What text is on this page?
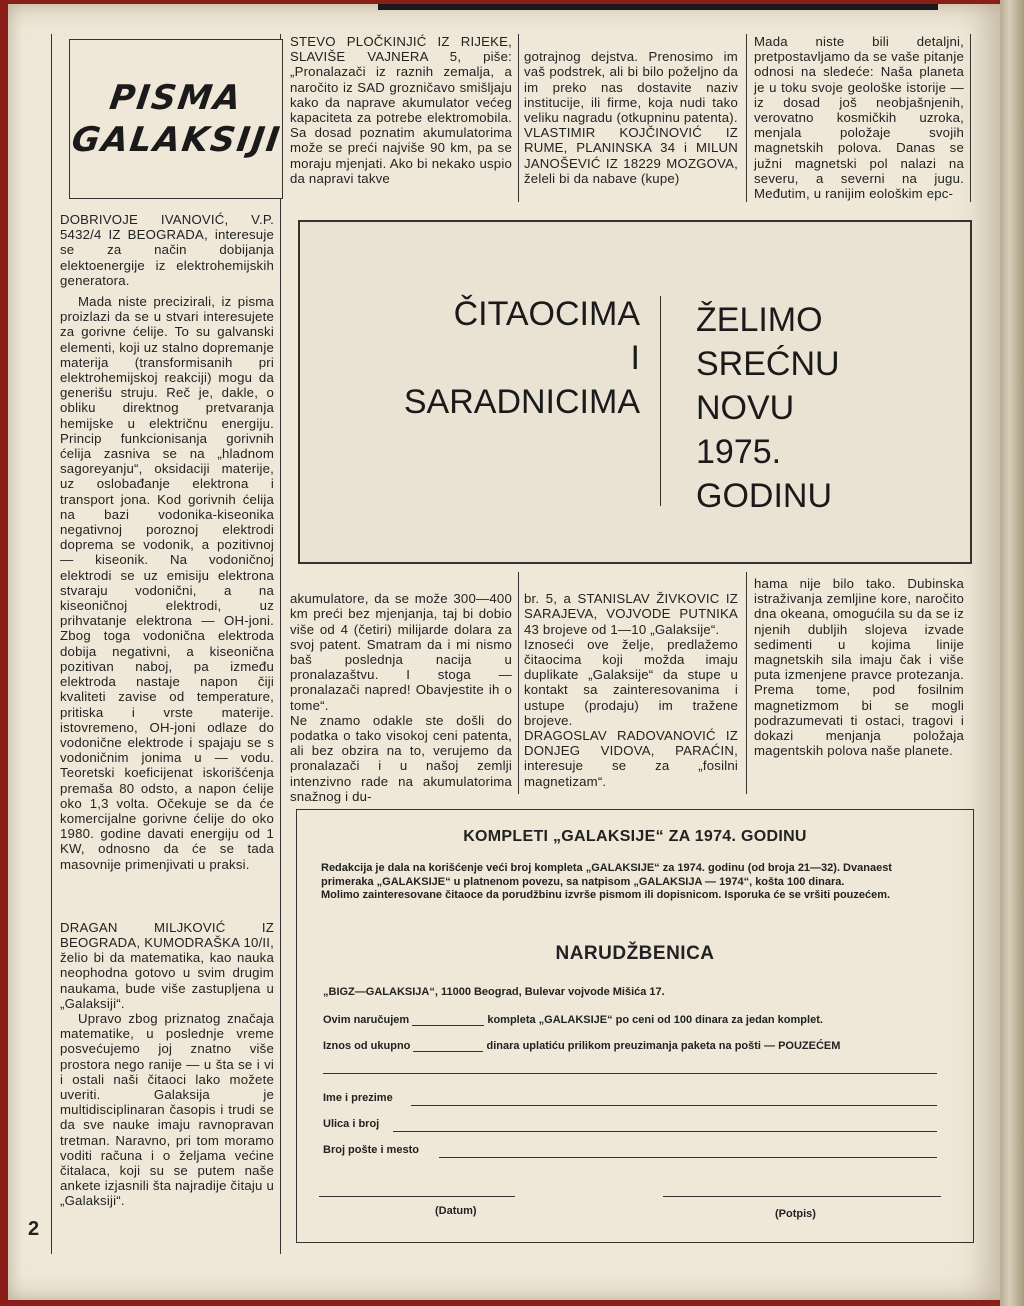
PISMA
GALAKSIJI

STEVO PLOČKINJIĆ IZ RIJEKE, SLAVIŠE VAJNERA 5, piše: „Pronalazači iz raznih zemalja, a naročito iz SAD grozničavo smišljaju kako da naprave akumulator većeg kapaciteta za potrebe elektromobila. Sa dosad poznatim akumulatorima može se preći najviše 90 km, pa se moraju mjenjati. Ako bi nekako uspio da napravi takve

gotrajnog dejstva. Prenosimo im vaš podstrek, ali bi bilo poželjno da im preko nas dostavite naziv institucije, ili firme, koja nudi tako veliku nagradu (otkupninu patenta).
VLASTIMIR KOJČINOVIĆ IZ RUME, PLANINSKA 34 i MILUN JANOŠEVIĆ IZ 18229 MOZGOVA, želeli bi da nabave (kupe)

Mada niste bili detaljni, pretpostavljamo da se vaše pitanje odnosi na sledeće: Naša planeta je u toku svoje geološke istorije — iz dosad još neobjašnjenih, verovatno kosmičkih uzroka, menjala položaje svojih magnetskih polova. Danas se južni magnetski pol nalazi na severu, a severni na jugu. Međutim, u ranijim eološkim epc-

DOBRIVOJE IVANOVIĆ, V.P. 5432/4 IZ BEOGRADA, interesuje se za način dobijanja elektoenergije iz elektrohemijskih generatora.

Mada niste precizirali, iz pisma proizlazi da se u stvari interesujete za gorivne ćelije. To su galvanski elementi, koji uz stalno dopremanje materija (transformisanih pri elektrohemijskoj reakciji) mogu da generišu struju. Reč je, dakle, o obliku direktnog pretvaranja hemijske u električnu energiju. Princip funkcionisanja gorivnih ćelija zasniva se na „hladnom sagoreyanju“, oksidaciji materije, uz oslobađanje elektrona i transport jona. Kod gorivnih ćelija na bazi vodonika-kiseonika negativnoj poroznoj elektrodi doprema se vodonik, a pozitivnoj — kiseonik. Na vodoničnoj elektrodi se uz emisiju elektrona stvaraju vodonični, a na kiseoničnoj elektrodi, uz prihvatanje elektrona — OH-joni. Zbog toga vodonična elektroda dobija negativni, a kiseonična pozitivan naboj, pa između elektroda nastaje napon čiji kvaliteti zavise od temperature, pritiska i vrste materije. istovremeno, OH-joni odlaze do vodonične elektrode i spajaju se s vodoničnim jonima u — vodu. Teoretski koeficijenat iskorišćenja premaša 80 odsto, a napon ćelije oko 1,3 volta. Očekuje se da će komercijalne gorivne ćelije do oko 1980. godine davati energiju od 1 KW, odnosno da će se tada masovnije primenjivati u praksi.

DRAGAN MILJKOVIĆ IZ BEOGRADA, KUMODRAŠKA 10/II, želio bi da matematika, kao nauka neophodna gotovo u svim drugim naukama, bude više zastupljena u „Galaksiji“.

Upravo zbog priznatog značaja matematike, u poslednje vreme posvećujemo joj znatno više prostora nego ranije — u šta se i vi i ostali naši čitaoci lako možete uveriti. Galaksija je multidisciplinaran časopis i trudi se da sve nauke imaju ravnopravan tretman. Naravno, pri tom moramo voditi računa i o željama većine čitalaca, koji su se putem naše ankete izjasnili šta najradije čitaju u „Galaksiji“.

ČITAOCIMA
I
SARADNICIMA
ŽELIMO
SREĆNU
NOVU
1975.
GODINU

akumulatore, da se može 300—400 km preći bez mjenjanja, taj bi dobio više od 4 (četiri) milijarde dolara za svoj patent. Smatram da i mi nismo baš poslednja nacija u pronalazaštvu. I stoga — pronalazači napred! Obavjestite ih o tome“.
Ne znamo odakle ste došli do podatka o tako visokoj ceni patenta, ali bez obzira na to, verujemo da pronalazači i u našoj zemlji intenzivno rade na akumulatorima snažnog i du-

br. 5, a STANISLAV ŽIVKOVIC IZ SARAJEVA, VOJVODE PUTNIKA 43 brojeve od 1—10 „Galaksije“.
Iznoseći ove želje, predlažemo čitaocima koji možda imaju duplikate „Galaksije“ da stupe u kontakt sa zainteresovanima i ustupe (prodaju) im tražene brojeve.
DRAGOSLAV RADOVANOVIĆ IZ DONJEG VIDOVA, PARAĆIN, interesuje se za „fosilni magnetizam“.

hama nije bilo tako. Dubinska istraživanja zemljine kore, naročito dna okeana, omogućila su da se iz njenih dubljih slojeva izvade sedimenti u kojima linije magnetskih sila imaju čak i više puta izmenjene pravce protezanja. Prema tome, pod fosilnim magnetizmom bi se mogli podrazumevati ti ostaci, tragovi i dokazi menjanja položaja magentskih polova naše planete.

KOMPLETI „GALAKSIJE“ ZA 1974. GODINU

Redakcija je dala na korišćenje veći broj kompleta „GALAKSIJE“ za 1974. godinu (od broja 21—32). Dvanaest primeraka „GALAKSIJE“ u platnenom povezu, sa natpisom „GALAKSIJA — 1974“, košta 100 dinara.

Molimo zainteresovane čitaoce da porudžbinu izvrše pismom ili dopisnicom. Isporuka će se vršiti pouzećem.

NARUDŽBENICA
„BIGZ—GALAKSIJA“, 11000 Beograd, Bulevar vojvode Mišića 17.
Ovim naručujem	kompleta „GALAKSIJE“ po ceni od 100 dinara za jedan komplet.
Iznos od ukupno	dinara uplatiću prilikom preuzimanja paketa na pošti — POUZEĆEM
Ime i prezime
Ulica i broj
Broj pošte i mesto
(Datum)	(Potpis)
2
